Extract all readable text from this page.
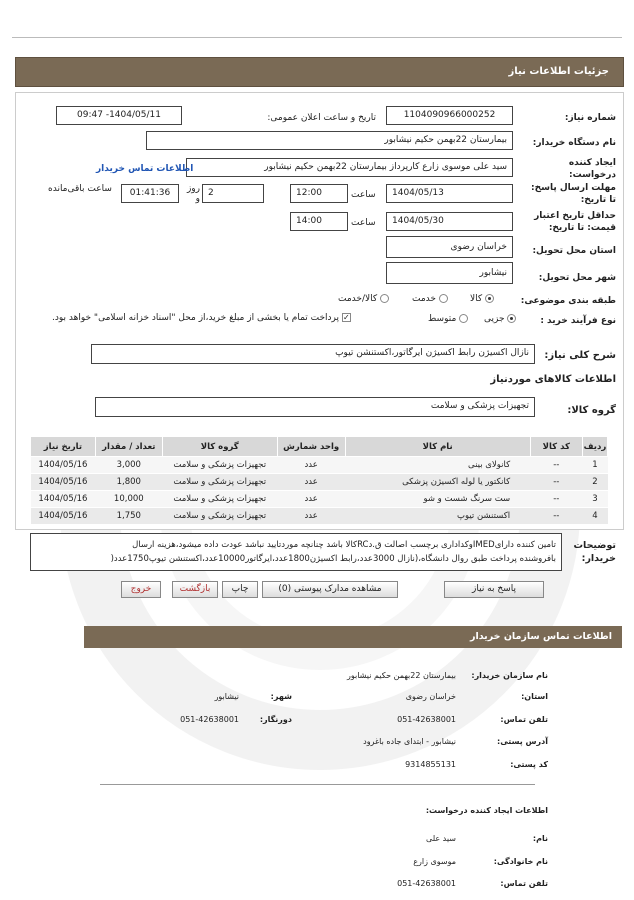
جزئیات اطلاعات نیاز
شماره نیاز:
1104090966000252
تاریخ و ساعت اعلان عمومی:
1404/05/11- 09:47
نام دستگاه خریدار:
بیمارستان 22بهمن حکیم نیشابور
ایجاد کننده درخواست:
سید علی موسوی زارع کارپرداز بیمارستان 22بهمن حکیم نیشابور
اطلاعات تماس خریدار
مهلت ارسال پاسخ: تا تاریخ:
1404/05/13
ساعت
12:00
2
روز و
01:41:36
ساعت باقی‌مانده
حداقل تاریخ اعتبار قیمت: تا تاریخ:
1404/05/30
ساعت
14:00
استان محل تحویل:
خراسان رضوی
شهر محل تحویل:
نیشابور
طبقه بندی موضوعی:
کالا
خدمت
کالا/خدمت
نوع فرآیند خرید :
جزیی
متوسط
✓ پرداخت تمام یا بخشی از مبلغ خرید،از محل "اسناد خزانه اسلامی" خواهد بود.
شرح کلی نیاز:
نازال اکسیژن رابط اکسیژن ایرگاتور،اکستنشن تیوپ
اطلاعات کالاهای موردنیاز
گروه کالا:
تجهیزات پزشکی و سلامت
ردیف	کد کالا	نام کالا	واحد شمارش	گروه کالا	تعداد / مقدار	تاریخ نیاز
1	--	کانولای بینی	عدد	تجهیزات پزشکی و سلامت	3,000	1404/05/16
2	--	کانکتور یا لوله اکسیژن پزشکی	عدد	تجهیزات پزشکی و سلامت	1,800	1404/05/16
3	--	ست سرنگ شست و شو	عدد	تجهیزات پزشکی و سلامت	10,000	1404/05/16
4	--	اکستنشن تیوپ	عدد	تجهیزات پزشکی و سلامت	1,750	1404/05/16
توضیحات خریدار:
تامین کننده دارایIMEDوکداداری برچسب اصالت ق.دRCکالا باشد چنانچه موردتایید نباشد عودت داده میشود،هزینه ارسال
بافروشنده پرداخت طبق روال دانشگاه،(نازال 3000عدد،رابط اکسیژن1800عدد،ایرگاتور10000عدد،اکستنشن تیوپ1750عدد(
پاسخ به نیاز
مشاهده مدارک پیوستی (0)
چاپ
بازگشت
خروج
اطلاعات تماس سازمان خریدار
نام سازمان خریدار:
بیمارستان 22بهمن حکیم نیشابور
استان:
خراسان رضوی
شهر:
نیشابور
تلفن تماس:
051-42638001
دورنگار:
051-42638001
آدرس پستی:
نیشابور - ابتدای جاده باغرود
کد پستی:
9314855131
اطلاعات ایجاد کننده درخواست:
نام:
سید علی
نام خانوادگی:
موسوی زارع
تلفن تماس:
051-42638001
